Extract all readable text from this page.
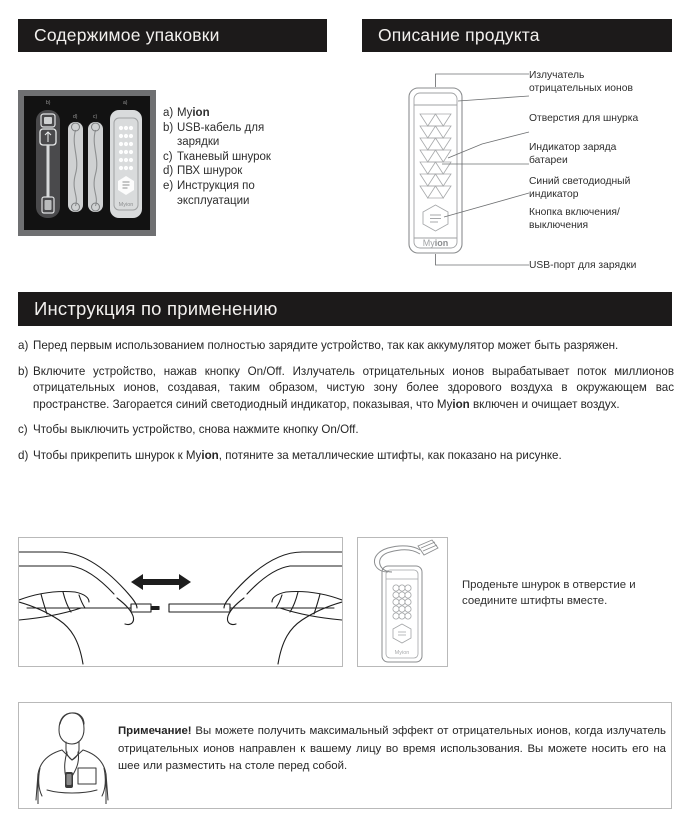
Содержимое упаковки	Описание продукта
Myion
b)
d)	c)
a)
a) Myion
b) USB-кабель для зарядки
c) Тканевый шнурок
d) ПВХ шнурок
e) Инструкция по эксплуатации
Myion
Излучатель
отрицательных ионов
Отверстия для шнурка
Индикатор заряда
батареи
Синий светодиодный
индикатор
Кнопка включения/
выключения
USB-порт для зарядки
Инструкция по применению
a) Перед первым использованием полностью зарядите устройство, так как аккумулятор может быть разряжен.
b) Включите устройство, нажав кнопку On/Off. Излучатель отрицательных ионов вырабатывает поток миллионов отрицательных ионов, создавая, таким образом, чистую зону более здорового воздуха в окружающем вас пространстве. Загорается синий светодиодный индикатор, показывая, что Myion включен и очищает воздух.
c) Чтобы выключить устройство, снова нажмите кнопку On/Off.
d) Чтобы прикрепить шнурок к Myion, потяните за металлические штифты, как показано на рисунке.
Myion
Проденьте шнурок в отверстие и
соедините штифты вместе.
Примечание! Вы можете получить максимальный эффект от отрицательных ионов, когда излучатель отрицательных ионов направлен к вашему лицу во время использования. Вы можете носить его на шее или разместить на столе перед собой.
